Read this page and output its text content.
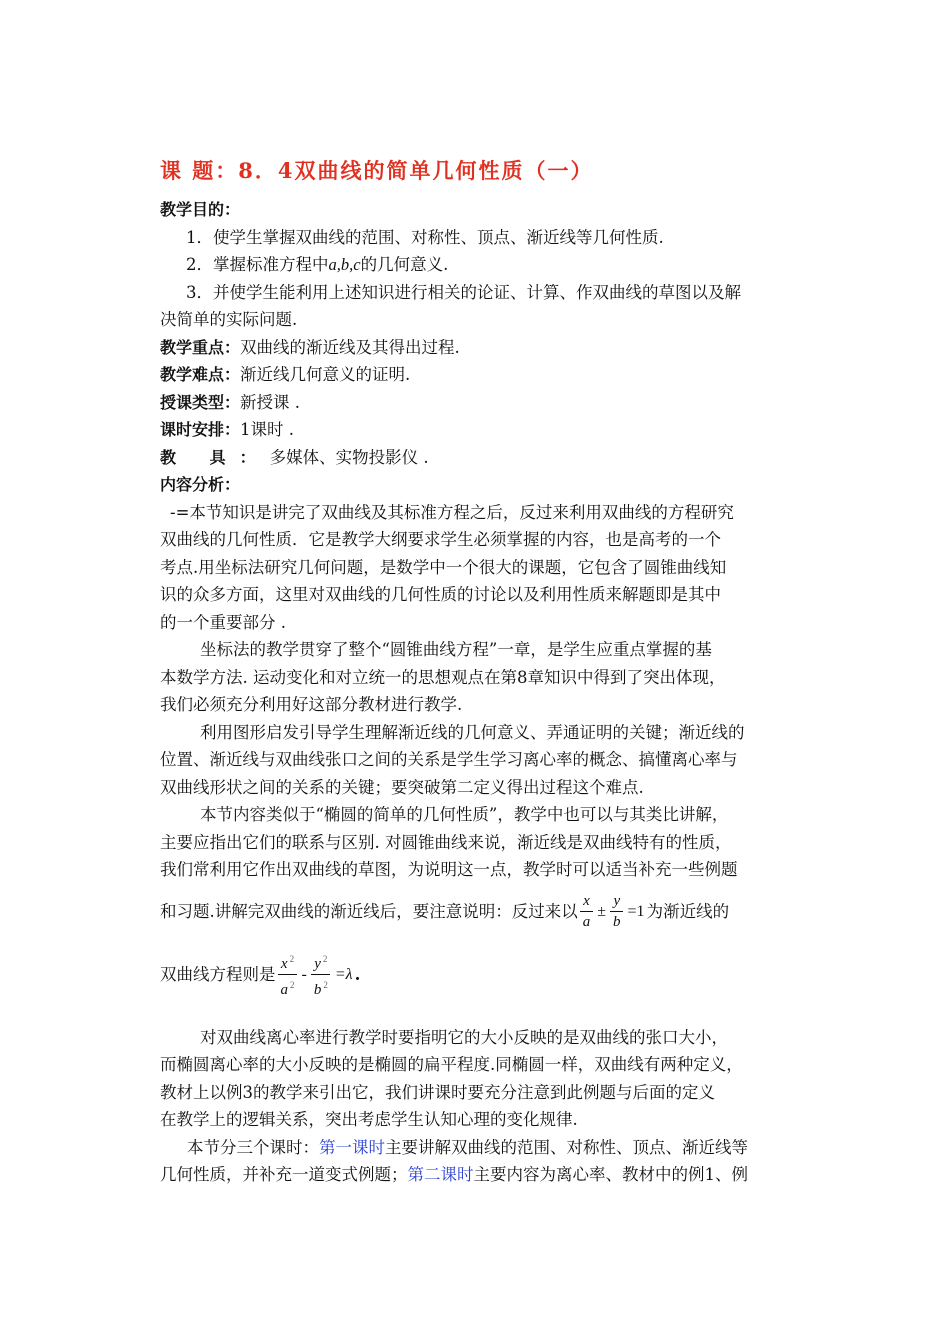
课 题：8．4双曲线的简单几何性质（一）

教学目的：

1．使学生掌握双曲线的范围、对称性、顶点、渐近线等几何性质.

2．掌握标准方程中a,b,c的几何意义.

3．并使学生能利用上述知识进行相关的论证、计算、作双曲线的草图以及解

决简单的实际问题.

教学重点：双曲线的渐近线及其得出过程.

教学难点：渐近线几何意义的证明.

授课类型：新授课 .

课时安排：1课时 .

教 具：多媒体、实物投影仪 .

内容分析：

-=本节知识是讲完了双曲线及其标准方程之后，反过来利用双曲线的方程研究

双曲线的几何性质．它是教学大纲要求学生必须掌握的内容，也是高考的一个

考点.用坐标法研究几何问题，是数学中一个很大的课题，它包含了圆锥曲线知

识的众多方面，这里对双曲线的几何性质的讨论以及利用性质来解题即是其中

的一个重要部分 .

坐标法的教学贯穿了整个“圆锥曲线方程”一章，是学生应重点掌握的基

本数学方法. 运动变化和对立统一的思想观点在第8章知识中得到了突出体现，

我们必须充分利用好这部分教材进行教学.

利用图形启发引导学生理解渐近线的几何意义、弄通证明的关键；渐近线的

位置、渐近线与双曲线张口之间的关系是学生学习离心率的概念、搞懂离心率与

双曲线形状之间的关系的关键；要突破第二定义得出过程这个难点.

本节内容类似于“椭圆的简单的几何性质”，教学中也可以与其类比讲解，

主要应指出它们的联系与区别. 对圆锥曲线来说，渐近线是双曲线特有的性质，

我们常利用它作出双曲线的草图，为说明这一点，教学时可以适当补充一些例题

和习题.讲解完双曲线的渐近线后，要注意说明：反过来以 $\frac{x}{a} \pm \frac{y}{b} =1$ 为渐近线的

双曲线方程则是 $\frac{x ^2}{a ^2} - \frac{y ^2}{b ^2} =\lambda$ .

对双曲线离心率进行教学时要指明它的大小反映的是双曲线的张口大小，

而椭圆离心率的大小反映的是椭圆的扁平程度.同椭圆一样，双曲线有两种定义，

教材上以例3的教学来引出它，我们讲课时要充分注意到此例题与后面的定义

在教学上的逻辑关系，突出考虑学生认知心理的变化规律.

本节分三个课时：第一课时主要讲解双曲线的范围、对称性、顶点、渐近线等

几何性质，并补充一道变式例题；第二课时主要内容为离心率、教材中的例1、例
